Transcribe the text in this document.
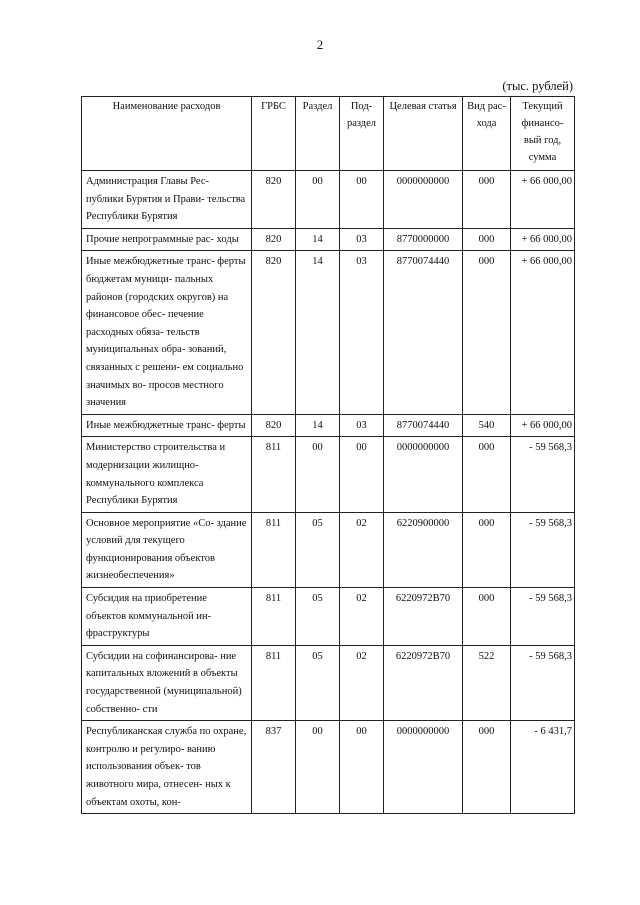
2
(тыс. рублей)
Наименование расходов	ГРБС	Раздел	Под- раздел	Целевая статья	Вид рас- хода	Текущий финансо- вый год, сумма

Администрация Главы Рес- публики Бурятия и Прави- тельства Республики Бурятия	820	00	00	0000000000	000	+ 66 000,00

Прочие непрограммные рас- ходы	820	14	03	8770000000	000	+ 66 000,00

Иные межбюджетные транс- ферты бюджетам муници- пальных районов (городских округов) на финансовое обес- печение расходных обяза- тельств муниципальных обра- зований, связанных с решени- ем социально значимых во- просов местного значения	820	14	03	8770074440	000	+ 66 000,00

Иные межбюджетные транс- ферты	820	14	03	8770074440	540	+ 66 000,00

Министерство строительства и модернизации жилищно- коммунального комплекса Республики Бурятия	811	00	00	0000000000	000	- 59 568,3

Основное мероприятие «Со- здание условий для текущего функционирования объектов жизнеобеспечения»	811	05	02	6220900000	000	- 59 568,3

Субсидия на приобретение объектов коммунальной ин- фраструктуры	811	05	02	6220972B70	000	- 59 568,3

Субсидии на софинансирова- ние капитальных вложений в объекты государственной (муниципальной) собственно- сти	811	05	02	6220972B70	522	- 59 568,3

Республиканская служба по охране, контролю и регулиро- ванию использования объек- тов животного мира, отнесен- ных к объектам охоты, кон-	837	00	00	0000000000	000	- 6 431,7
